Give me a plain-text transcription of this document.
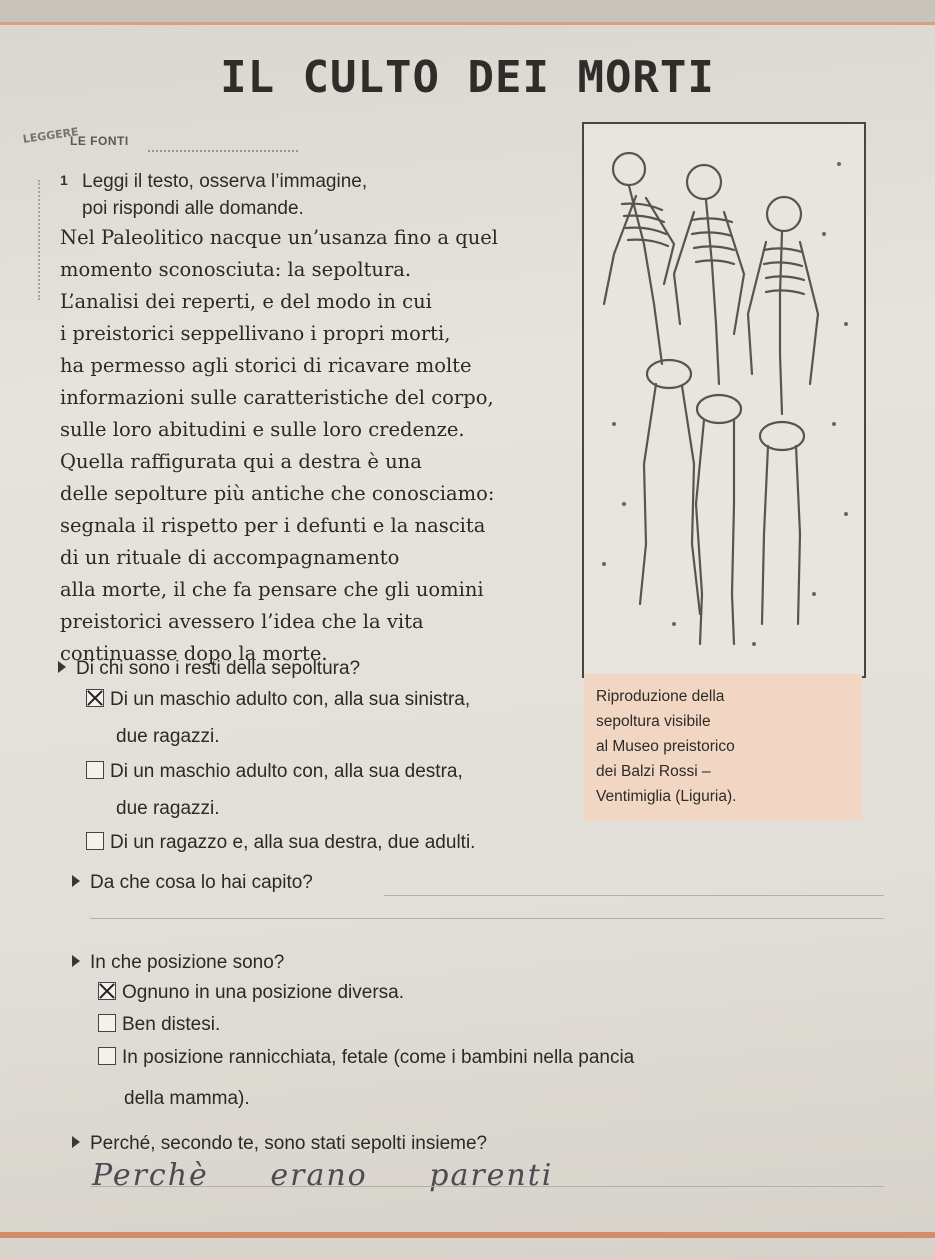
IL CULTO DEI MORTI
LEGGERE
LE FONTI
1 Leggi il testo, osserva l’immagine,
poi rispondi alle domande.
Nel Paleolitico nacque un’usanza fino a quel
momento sconosciuta: la sepoltura.
L’analisi dei reperti, e del modo in cui
i preistorici seppellivano i propri morti,
ha permesso agli storici di ricavare molte
informazioni sulle caratteristiche del corpo,
sulle loro abitudini e sulle loro credenze.
Quella raffigurata qui a destra è una
delle sepolture più antiche che conosciamo:
segnala il rispetto per i defunti e la nascita
di un rituale di accompagnamento
alla morte, il che fa pensare che gli uomini
preistorici avessero l’idea che la vita
continuasse dopo la morte.
Riproduzione della
sepoltura visibile
al Museo preistorico
dei Balzi Rossi –
Ventimiglia (Liguria).
Di chi sono i resti della sepoltura?
Di un maschio adulto con, alla sua sinistra,
due ragazzi.
Di un maschio adulto con, alla sua destra,
due ragazzi.
Di un ragazzo e, alla sua destra, due adulti.
Da che cosa lo hai capito?
In che posizione sono?
Ognuno in una posizione diversa.
Ben distesi.
In posizione rannicchiata, fetale (come i bambini nella pancia
della mamma).
Perché, secondo te, sono stati sepolti insieme?
Perchè erano parenti
